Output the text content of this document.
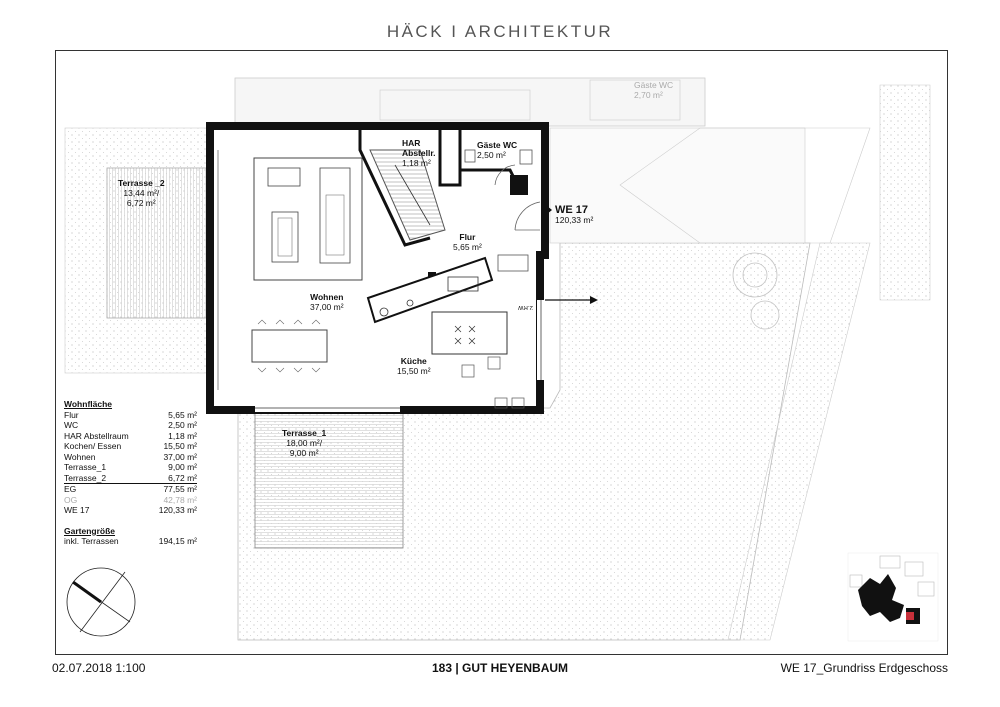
HÄCK I ARCHITEKTUR
Terrasse _2
13,44 m²/
6,72 m²
HAR
Abstellr.
1,18 m²
Gäste WC
2,50 m²
Gäste WC
2,70 m²
Flur
5,65 m²
WE 17
120,33 m²
Wohnen
37,00 m²
Küche
15,50 m²
Terrasse_1
18,00 m²/
9,00 m²
2.RW
Wohnfläche
Flur	5,65 m²
WC	2,50 m²
HAR Abstellraum	1,18 m²
Kochen/ Essen	15,50 m²
Wohnen	37,00 m²
Terrasse_1	9,00 m²
Terrasse_2	6,72 m²
EG	77,55 m²
OG	42,78 m²
WE 17	120,33 m²
Gartengröße
inkl. Terrassen	194,15 m²
02.07.2018 1:100	183 | GUT HEYENBAUM	WE 17_Grundriss Erdgeschoss
